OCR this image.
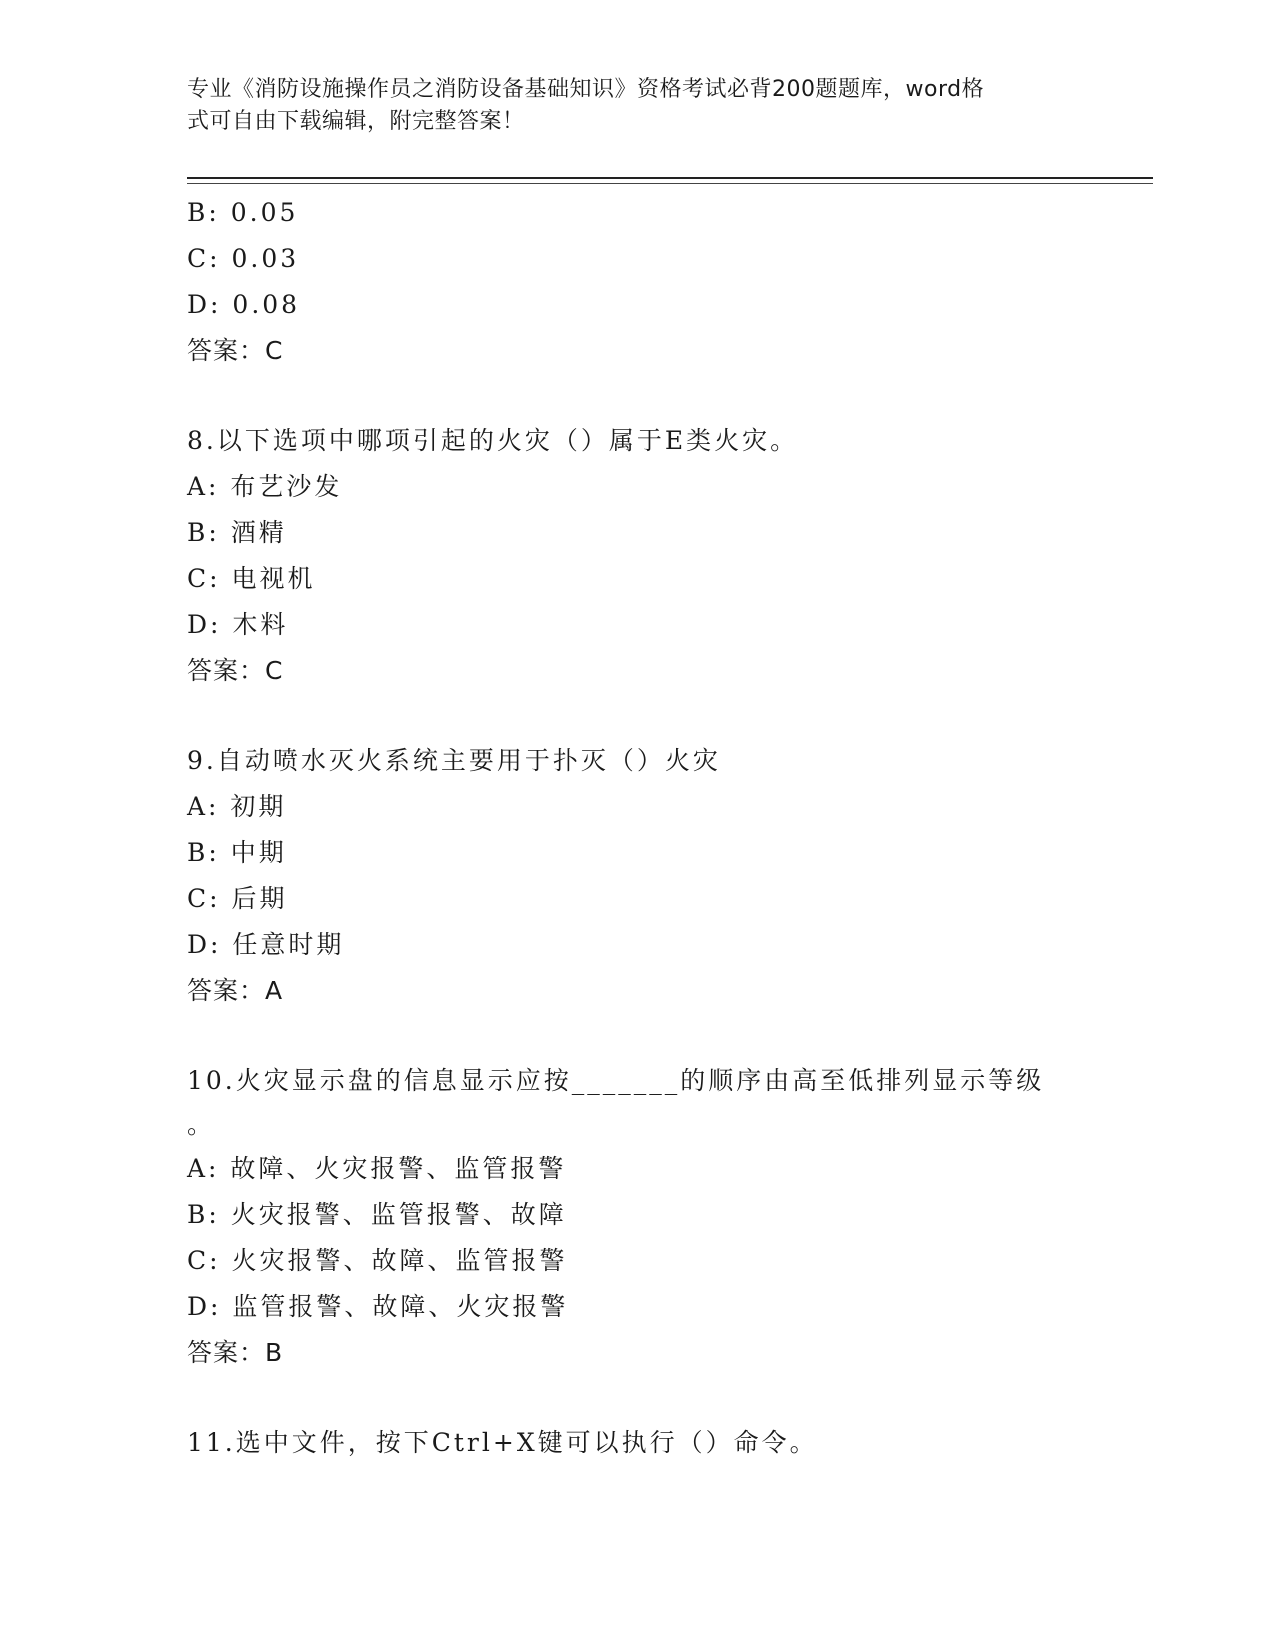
专业《消防设施操作员之消防设备基础知识》资格考试必背200题题库，word格
式可自由下载编辑，附完整答案！
B: 0.05
C: 0.03
D: 0.08
答案：C
8.以下选项中哪项引起的火灾（）属于E类火灾。
A: 布艺沙发
B: 酒精
C: 电视机
D: 木料
答案：C
9.自动喷水灭火系统主要用于扑灭（）火灾
A: 初期
B: 中期
C: 后期
D: 任意时期
答案：A
10.火灾显示盘的信息显示应按_______的顺序由高至低排列显示等级
。
A: 故障、火灾报警、监管报警
B: 火灾报警、监管报警、故障
C: 火灾报警、故障、监管报警
D: 监管报警、故障、火灾报警
答案：B
11.选中文件，按下Ctrl+X键可以执行（）命令。
